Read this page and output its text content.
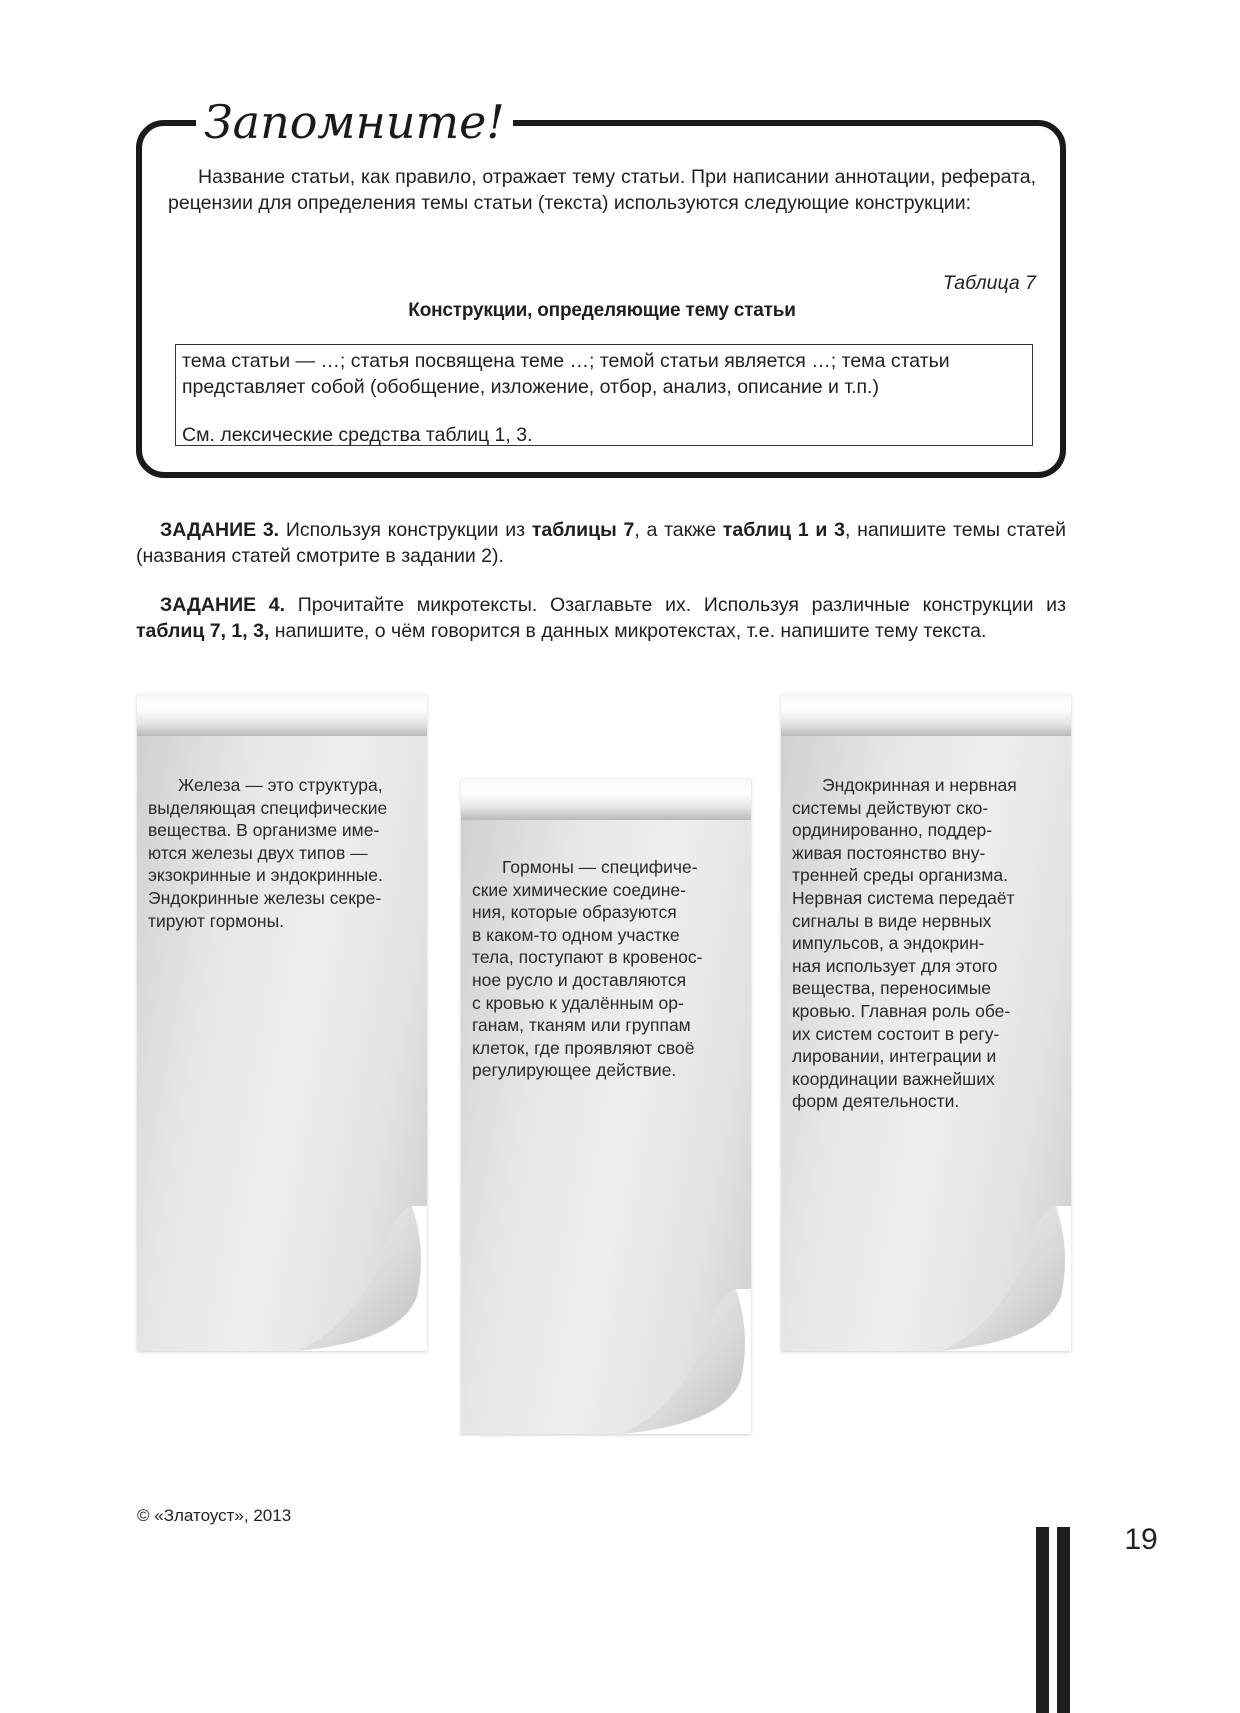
Запомните!
Название статьи, как правило, отражает тему статьи. При написании аннотации, реферата, рецензии для определения темы статьи (текста) используются следующие конструкции:
Таблица 7
Конструкции, определяющие тему статьи

тема статьи — …; статья посвящена теме …; темой статьи является …; тема статьи представляет собой (обобщение, изложение, отбор, анализ, описание и т.п.)

См. лексические средства таблиц 1, 3.

ЗАДАНИЕ 3. Используя конструкции из таблицы 7, а также таблиц 1 и 3, напишите темы статей (названия статей смотрите в задании 2).
ЗАДАНИЕ 4. Прочитайте микротексты. Озаглавьте их. Используя различные конструкции из таблиц 7, 1, 3, напишите, о чём говорится в данных микротекстах, т.е. напишите тему текста.
Железа — это структура,
выделяющая специфические
вещества. В организме име-
ются железы двух типов —
экзокринные и эндокринные.
Эндокринные железы секре-
тируют гормоны.
Гормоны — специфиче-
ские химические соедине-
ния, которые образуются
в каком-то одном участке
тела, поступают в кровенос-
ное русло и доставляются
с кровью к удалённым ор-
ганам, тканям или группам
клеток, где проявляют своё
регулирующее действие.
Эндокринная и нервная
системы действуют ско-
ординированно, поддер-
живая постоянство вну-
тренней среды организма.
Нервная система передаёт
сигналы в виде нервных
импульсов, а эндокрин-
ная использует для этого
вещества, переносимые
кровью. Главная роль обе-
их систем состоит в регу-
лировании, интеграции и
координации важнейших
форм деятельности.
© «Златоуст», 2013
19
